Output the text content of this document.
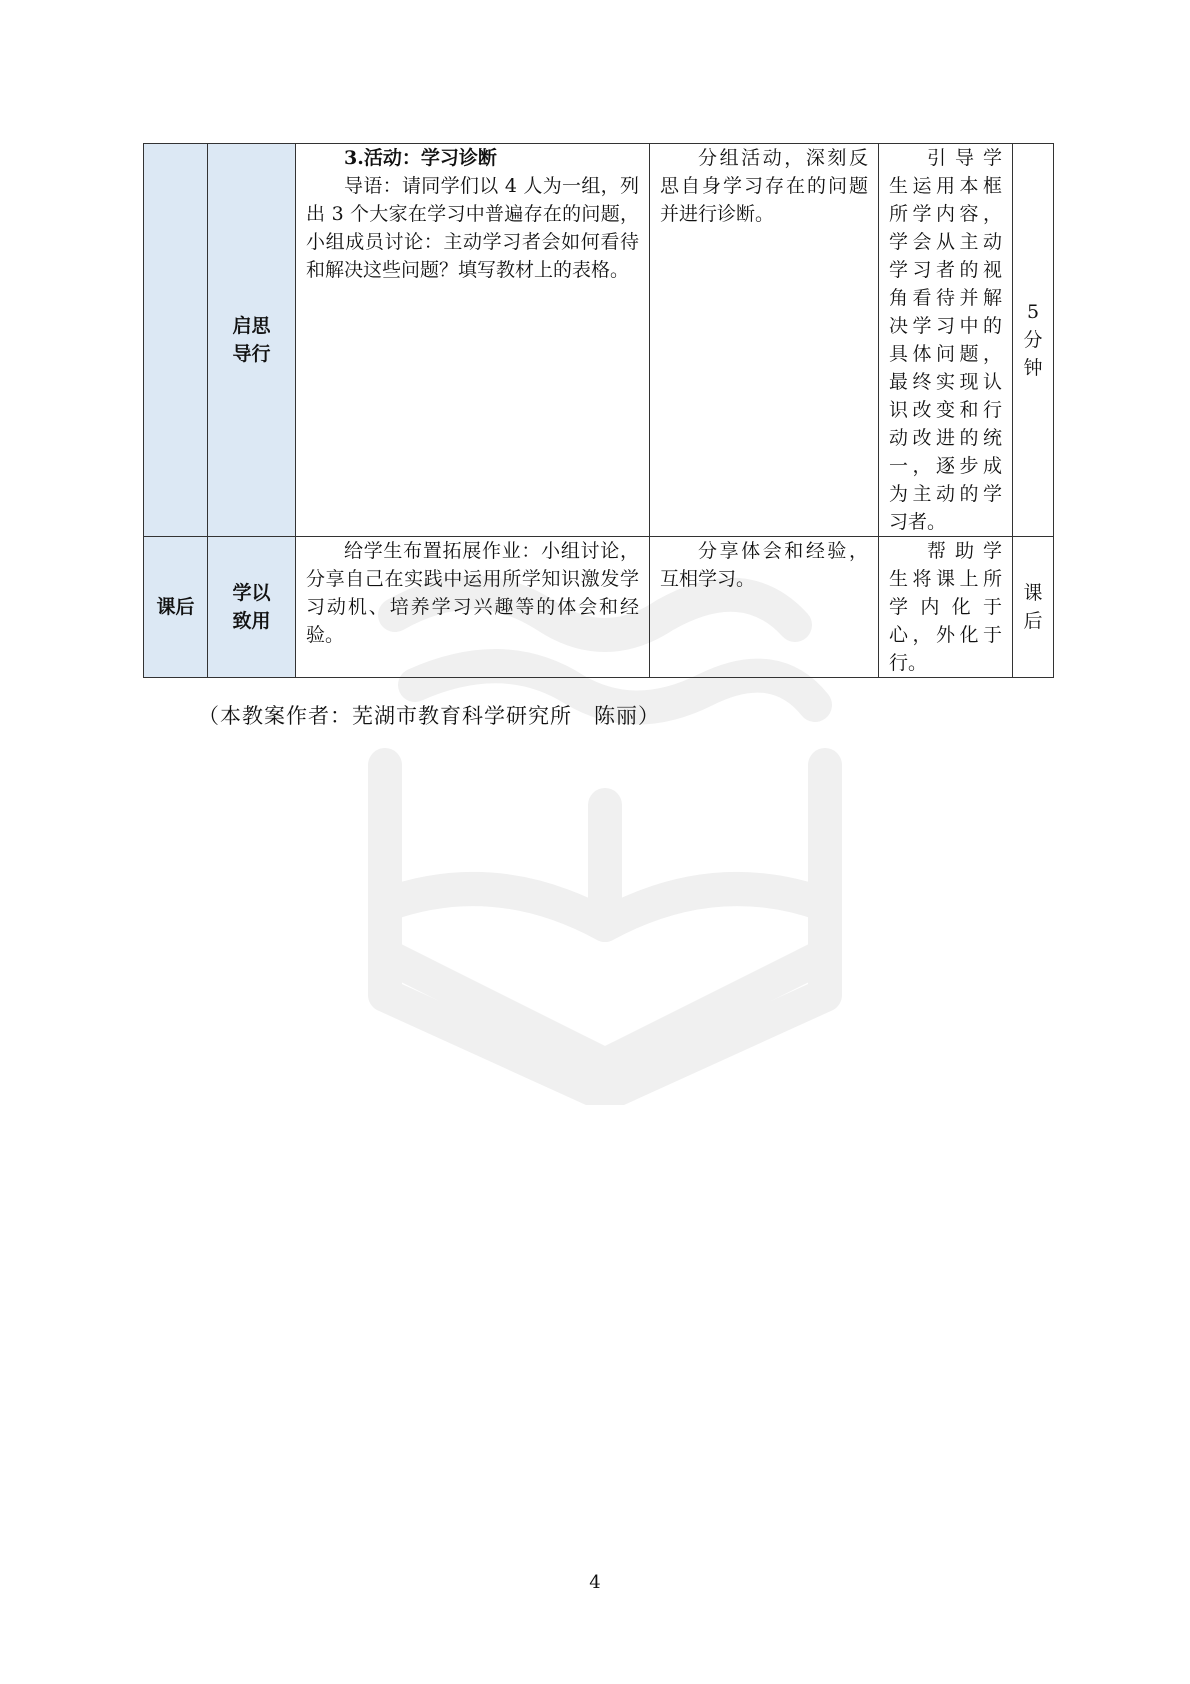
	启思导行	3.活动：学习诊断
导语：请同学们以 4 人为一组，列出 3 个大家在学习中普遍存在的问题，小组成员讨论：主动学习者会如何看待和解决这些问题？填写教材上的表格。	分组活动，深刻反思自身学习存在的问题并进行诊断。	引导学生运用本框所学内容，学会从主动学习者的视角看待并解决学习中的具体问题，最终实现认识改变和行动改进的统一，逐步成为主动的学习者。	5 分 钟
课后	学以致用	给学生布置拓展作业：小组讨论，分享自己在实践中运用所学知识激发学习动机、培养学习兴趣等的体会和经验。	分享体会和经验，互相学习。	帮助学生将课上所学内化于心，外化于行。	课 后
（本教案作者：芜湖市教育科学研究所　陈丽）
4
